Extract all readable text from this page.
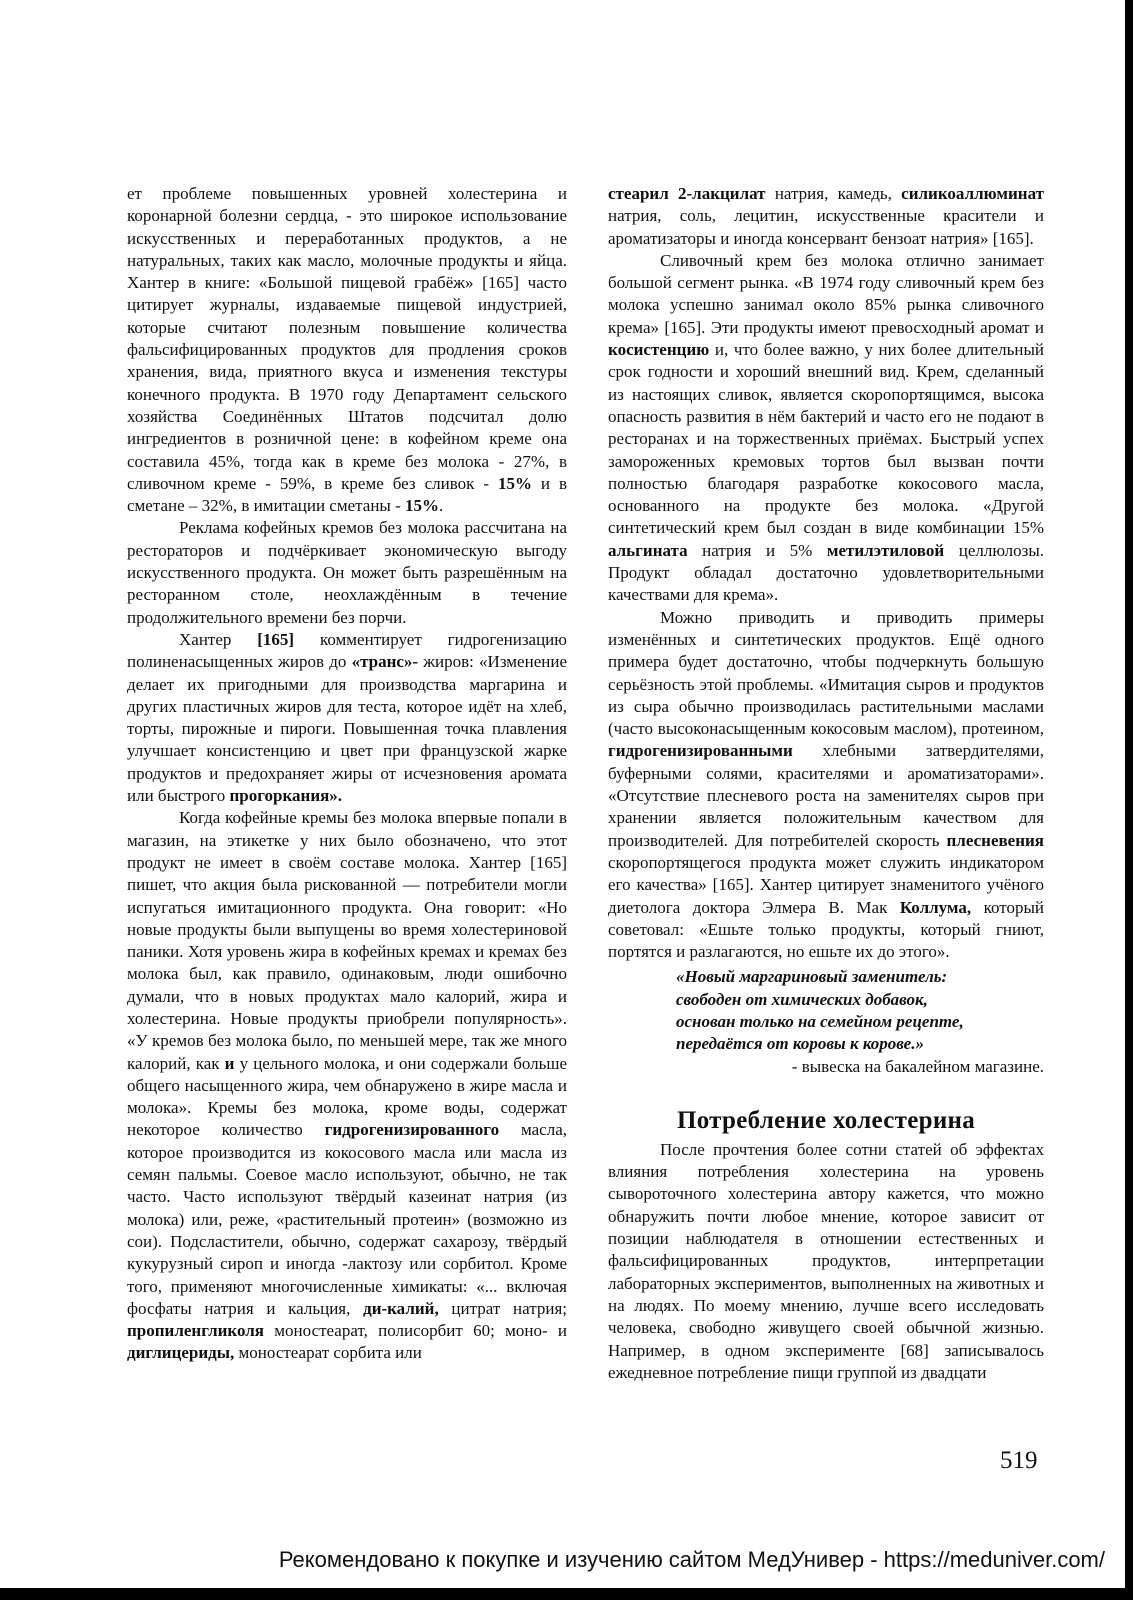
ет проблеме повышенных уровней холестерина и коронарной болезни сердца, - это широкое использование искусственных и переработанных продуктов, а не натуральных, таких как масло, молочные продукты и яйца. Хантер в книге: «Большой пищевой грабёж» [165] часто цитирует журналы, издаваемые пищевой индустрией, которые считают полезным повышение количества фальсифицированных продуктов для продления сроков хранения, вида, приятного вкуса и изменения текстуры конечного продукта. В 1970 году Департамент сельского хозяйства Соединённых Штатов подсчитал долю ингредиентов в розничной цене: в кофейном креме она составила 45%, тогда как в креме без молока - 27%, в сливочном креме - 59%, в креме без сливок - 15% и в сметане – 32%, в имитации сметаны - 15%.

Реклама кофейных кремов без молока рассчитана на рестораторов и подчёркивает экономическую выгоду искусственного продукта. Он может быть разрешённым на ресторанном столе, неохлаждённым в течение продолжительного времени без порчи.

Хантер [165] комментирует гидрогенизацию полиненасыщенных жиров до «транс»- жиров: «Изменение делает их пригодными для производства маргарина и других пластичных жиров для теста, которое идёт на хлеб, торты, пирожные и пироги. Повышенная точка плавления улучшает консистенцию и цвет при французской жарке продуктов и предохраняет жиры от исчезновения аромата или быстрого прогоркания».

Когда кофейные кремы без молока впервые попали в магазин, на этикетке у них было обозначено, что этот продукт не имеет в своём составе молока. Хантер [165] пишет, что акция была рискованной — потребители могли испугаться имитационного продукта. Она говорит: «Но новые продукты были выпущены во время холестериновой паники. Хотя уровень жира в кофейных кремах и кремах без молока был, как правило, одинаковым, люди ошибочно думали, что в новых продуктах мало калорий, жира и холестерина. Новые продукты приобрели популярность». «У кремов без молока было, по меньшей мере, так же много калорий, как и у цельного молока, и они содержали больше общего насыщенного жира, чем обнаружено в жире масла и молока». Кремы без молока, кроме воды, содержат некоторое количество гидрогенизированного масла, которое производится из кокосового масла или масла из семян пальмы. Соевое масло используют, обычно, не так часто. Часто используют твёрдый казеинат натрия (из молока) или, реже, «растительный протеин» (возможно из сои). Подсластители, обычно, содержат сахарозу, твёрдый кукурузный сироп и иногда -лактозу или сорбитол. Кроме того, применяют многочисленные химикаты: «... включая фосфаты натрия и кальция, ди-калий, цитрат натрия; пропиленгликоля моностеарат, полисорбит 60; моно- и диглицериды, моностеарат сорбита или

стеарил 2-лакцилат натрия, камедь, силикоаллюминат натрия, соль, лецитин, искусственные красители и ароматизаторы и иногда консервант бензоат натрия» [165].

Сливочный крем без молока отлично занимает большой сегмент рынка. «В 1974 году сливочный крем без молока успешно занимал около 85% рынка сливочного крема» [165]. Эти продукты имеют превосходный аромат и косистенцию и, что более важно, у них более длительный срок годности и хороший внешний вид. Крем, сделанный из настоящих сливок, является скоропортящимся, высока опасность развития в нём бактерий и часто его не подают в ресторанах и на торжественных приёмах. Быстрый успех замороженных кремовых тортов был вызван почти полностью благодаря разработке кокосового масла, основанного на продукте без молока. «Другой синтетический крем был создан в виде комбинации 15% альгината натрия и 5% метилэтиловой целлюлозы. Продукт обладал достаточно удовлетворительными качествами для крема».

Можно приводить и приводить примеры изменённых и синтетических продуктов. Ещё одного примера будет достаточно, чтобы подчеркнуть большую серьёзность этой проблемы. «Имитация сыров и продуктов из сыра обычно производилась растительными маслами (часто высоконасыщенным кокосовым маслом), протеином, гидрогенизированными хлебными затвердителями, буферными солями, красителями и ароматизаторами». «Отсутствие плесневого роста на заменителях сыров при хранении является положительным качеством для производителей. Для потребителей скорость плесневения скоропортящегося продукта может служить индикатором его качества» [165]. Хантер цитирует знаменитого учёного диетолога доктора Элмера В. Мак Коллума, который советовал: «Ешьте только продукты, который гниют, портятся и разлагаются, но ешьте их до этого».

«Новый маргариновый заменитель:
свободен от химических добавок,
основан только на семейном рецепте,
передаётся от коровы к корове.»

- вывеска на бакалейном магазине.

Потребление холестерина

После прочтения более сотни статей об эффектах влияния потребления холестерина на уровень сывороточного холестерина автору кажется, что можно обнаружить почти любое мнение, которое зависит от позиции наблюдателя в отношении естественных и фальсифицированных продуктов, интерпретации лабораторных экспериментов, выполненных на животных и на людях. По моему мнению, лучше всего исследовать человека, свободно живущего своей обычной жизнью. Например, в одном эксперименте [68] записывалось ежедневное потребление пищи группой из двадцати

519
Рекомендовано к покупке и изучению сайтом МедУнивер - https://meduniver.com/
